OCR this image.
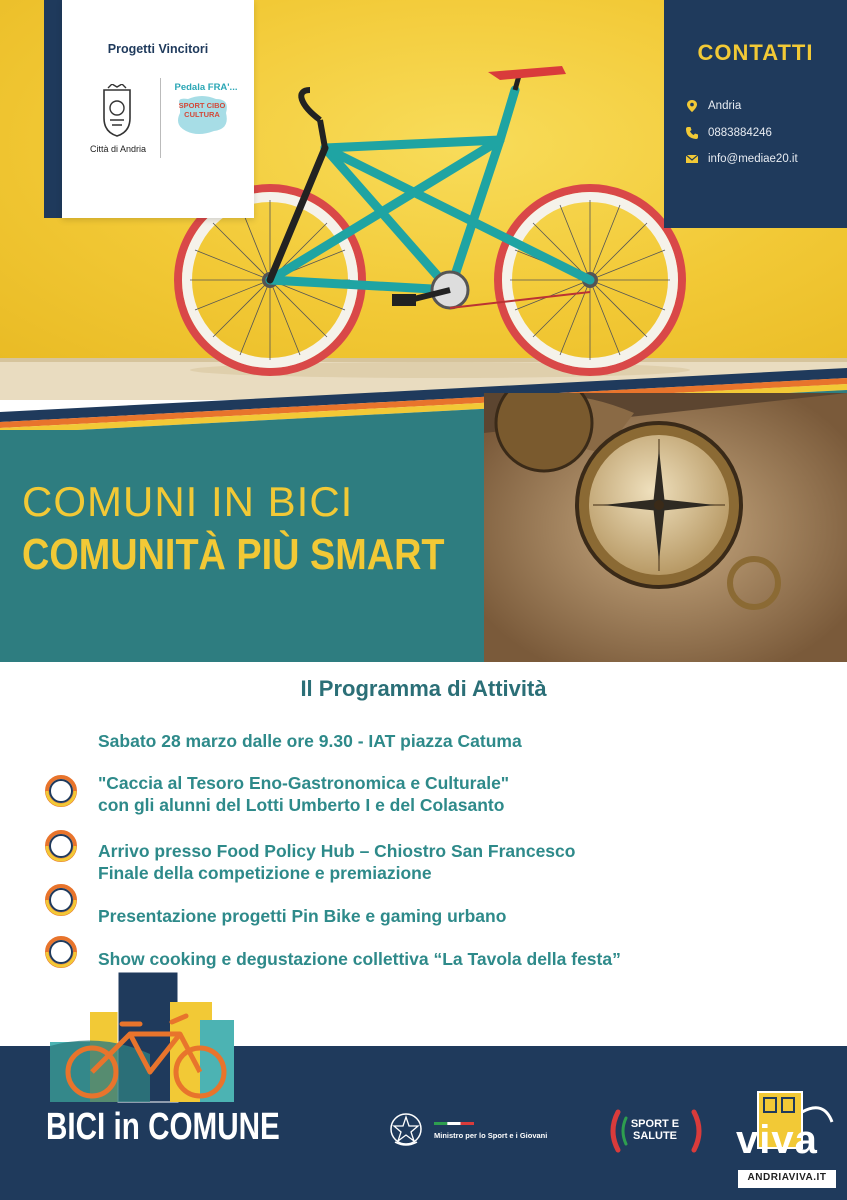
Progetti Vincitori
Città di Andria
Pedala FRA'...
SPORT CIBO CULTURA
CONTATTI
Andria
0883884246
info@mediae20.it
COMUNI IN BICI
COMUNITÀ PIÙ SMART
Il Programma di Attività
Sabato 28 marzo dalle ore 9.30 - IAT piazza Catuma
"Caccia al Tesoro Eno-Gastronomica e Culturale"
con gli alunni del Lotti Umberto I e del Colasanto
Arrivo presso Food Policy Hub – Chiostro San Francesco
Finale della competizione e premiazione
Presentazione progetti Pin Bike e gaming urbano
Show cooking e degustazione collettiva “La Tavola della festa”
BICI in COMUNE	Ministro per lo Sport e i Giovani
SPORT E SALUTE	viva
ANDRIAVIVA.IT
